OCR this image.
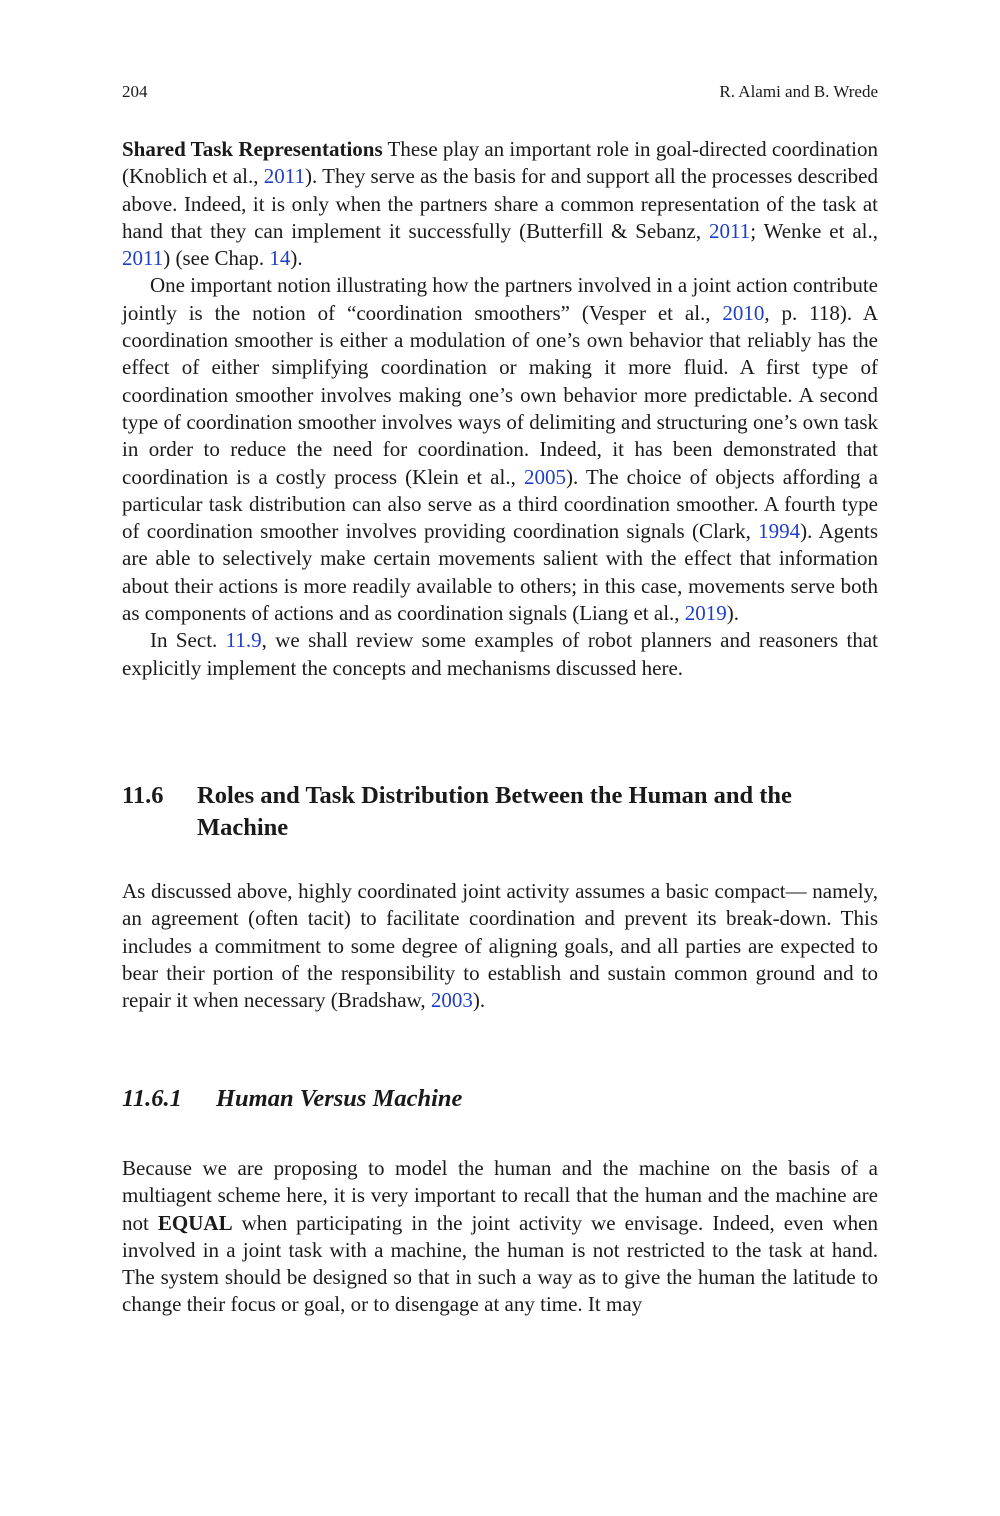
204	R. Alami and B. Wrede

Shared Task Representations These play an important role in goal-directed coordination (Knoblich et al., 2011). They serve as the basis for and support all the processes described above. Indeed, it is only when the partners share a common representation of the task at hand that they can implement it successfully (Butterfill & Sebanz, 2011; Wenke et al., 2011) (see Chap. 14).

One important notion illustrating how the partners involved in a joint action contribute jointly is the notion of “coordination smoothers” (Vesper et al., 2010, p. 118). A coordination smoother is either a modulation of one’s own behavior that reliably has the effect of either simplifying coordination or making it more fluid. A first type of coordination smoother involves making one’s own behavior more predictable. A second type of coordination smoother involves ways of delimiting and structuring one’s own task in order to reduce the need for coordination. Indeed, it has been demonstrated that coordination is a costly process (Klein et al., 2005). The choice of objects affording a particular task distribution can also serve as a third coordination smoother. A fourth type of coordination smoother involves providing coordination signals (Clark, 1994). Agents are able to selectively make certain movements salient with the effect that information about their actions is more readily available to others; in this case, movements serve both as components of actions and as coordination signals (Liang et al., 2019).

In Sect. 11.9, we shall review some examples of robot planners and reasoners that explicitly implement the concepts and mechanisms discussed here.

11.6 Roles and Task Distribution Between the Human and the Machine

As discussed above, highly coordinated joint activity assumes a basic compact— namely, an agreement (often tacit) to facilitate coordination and prevent its break-down. This includes a commitment to some degree of aligning goals, and all parties are expected to bear their portion of the responsibility to establish and sustain common ground and to repair it when necessary (Bradshaw, 2003).

11.6.1 Human Versus Machine

Because we are proposing to model the human and the machine on the basis of a multiagent scheme here, it is very important to recall that the human and the machine are not EQUAL when participating in the joint activity we envisage. Indeed, even when involved in a joint task with a machine, the human is not restricted to the task at hand. The system should be designed so that in such a way as to give the human the latitude to change their focus or goal, or to disengage at any time. It may
